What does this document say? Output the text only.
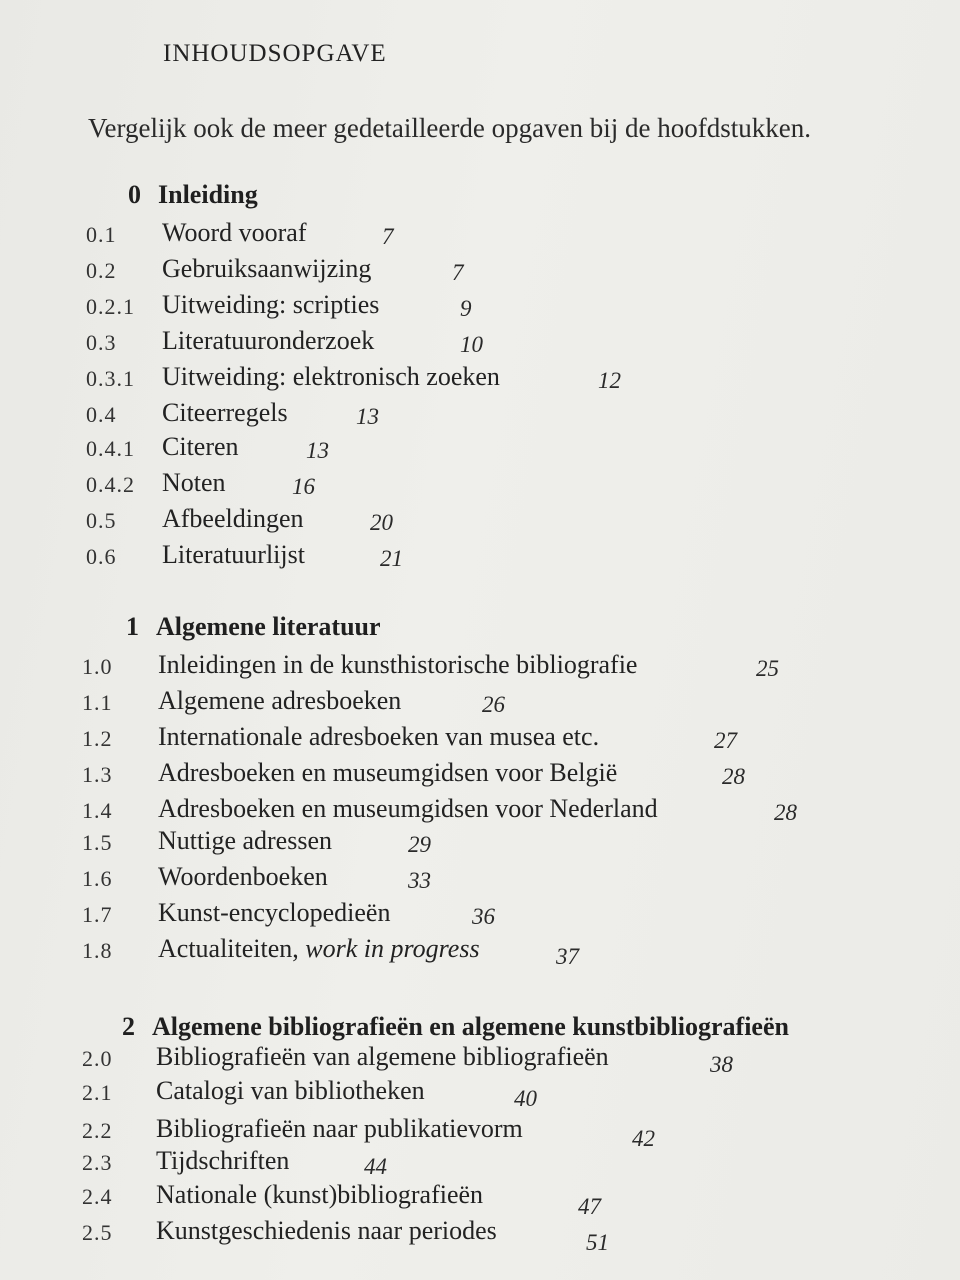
INHOUDSOPGAVE
Vergelijk ook de meer gedetailleerde opgaven bij de hoofdstukken.
0 Inleiding
0.1 Woord vooraf	7
0.2 Gebruiksaanwijzing	7
0.2.1 Uitweiding: scripties	9
0.3 Literatuuronderzoek	10
0.3.1 Uitweiding: elektronisch zoeken	12
0.4 Citeerregels	13
0.4.1 Citeren	13
0.4.2 Noten	16
0.5 Afbeeldingen	20
0.6 Literatuurlijst	21
1 Algemene literatuur
1.0 Inleidingen in de kunsthistorische bibliografie	25
1.1 Algemene adresboeken	26
1.2 Internationale adresboeken van musea etc.	27
1.3 Adresboeken en museumgidsen voor België	28
1.4 Adresboeken en museumgidsen voor Nederland	28
1.5 Nuttige adressen	29
1.6 Woordenboeken	33
1.7 Kunst-encyclopedieën	36
1.8 Actualiteiten, work in progress	37
2 Algemene bibliografieën en algemene kunstbibliografieën
2.0 Bibliografieën van algemene bibliografieën	38
2.1 Catalogi van bibliotheken	40
2.2 Bibliografieën naar publikatievorm	42
2.3 Tijdschriften	44
2.4 Nationale (kunst)bibliografieën	47
2.5 Kunstgeschiedenis naar periodes	51
